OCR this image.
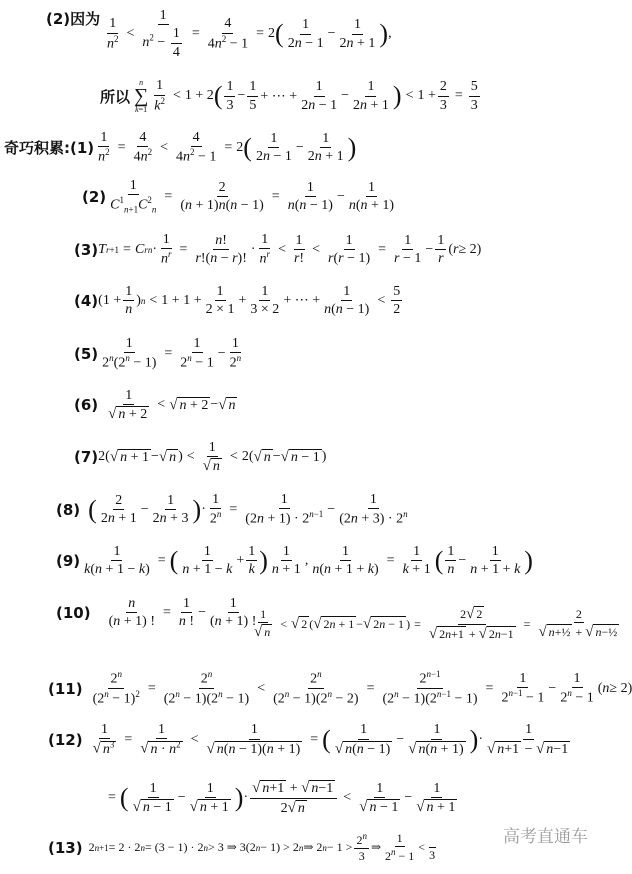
(2)因为 $\frac{1}{n^2} < \frac{1}{n^2 - \frac{1}{4}} = \frac{4}{4n^2 - 1} = 2$ ( $\frac{1}{2n - 1} - \frac{1}{2n + 1}$ ) ,
所以
n
∑
$k=1 \frac{1}{k^2} < 1 + 2$ ( $\frac{1}{3} - \frac{1}{5}$ + ⋯ + $\frac{1}{2n - 1} - \frac{1}{2n + 1}$ ) < $1 + \frac{2}{3} = \frac{5}{3}$
奇巧积累: $(1) \frac{1}{n^2} = \frac{4}{4n^2} < \frac{4}{4n^2 - 1} = 2$ ( $\frac{1}{2n - 1} - \frac{1}{2n + 1}$ )
$(2) \frac{1}{C^1_{n+1}C^2_n} = \frac{2}{(n + 1)n(n - 1)} = \frac{1}{n(n - 1)} - \frac{1}{n(n + 1)}$
(3) T r+1 = C r $n \cdot \frac{1}{n^r} = \frac{n!}{r!(n - r)!} \cdot \frac{1}{n^r} < \frac{1}{r!} < \frac{1}{r(r - 1)} = \frac{1}{r - 1} - \frac{1}{r}$ ( r ≥ 2)
(4) ($1 + \frac{1}{n}$ ) $n < 1 + 1 + \frac{1}{2 \times 1} + \frac{1}{3 \times 2}$ + ⋯ + $\frac{1}{n(n - 1)} < \frac{5}{2}$
$(5) \frac{1}{2^n(2^n - 1)} = \frac{1}{2^n - 1} - \frac{1}{2^n}$
$(6) \frac{1}{√ n + 2}$ < √ n + 2 − √ n
(7) 2( √ n + 1 − √ n ) < $\frac{1}{√ n} < 2$( √ n − √ n − 1 )
(8) ( $\frac{2}{2n + 1} - \frac{1}{2n + 3}$ ) · $\frac{1}{2^n} = \frac{1}{(2n + 1) \cdot 2^{n-1}} - \frac{1}{(2n + 3) \cdot 2^n}$
$(9) \frac{1}{k(n + 1 - k)}$ = ( $\frac{1}{n + 1 - k} + \frac{1}{k}$ ) $\frac{1}{n + 1}$ , $\frac{1}{n(n + 1 + k)} = \frac{1}{k + 1}$ ( $\frac{1}{n} - \frac{1}{n + 1 + k}$ )
$(10) \frac{n}{(n + 1) !} = \frac{1}{n !} - \frac{1}{(n + 1) !}$
$\frac{1}{√ n}$ < √ 2 ( √ 2n + 1 − √ 2n − 1 ) = $\frac{2√ 2}{√ 2n+1 + √ 2n-1} = \frac{2}{\text{√ n+½ + √ n−½}}$
$(11) \frac{2^n}{(2^n - 1)^2} = \frac{2^n}{(2^n - 1)(2^n - 1)} < \frac{2^n}{(2^n - 1)(2^n - 2)} = \frac{2^{n-1}}{(2^n - 1)(2^{n-1} - 1)} = \frac{1}{2^{n-1} - 1} - \frac{1}{2^n - 1}$ ( n ≥ 2)
$(12) \frac{1}{√ n^3} = \frac{1}{√ n \cdot n^2} < \frac{1}{√ n(n - 1)(n + 1)}$ = ( $\frac{1}{√ n(n - 1)} - \frac{1}{√ n(n + 1)}$ ) · $\frac{1}{√ n+1 - √ n-1}$
= ( $\frac{1}{√ n - 1} - \frac{1}{√ n + 1}$ ) · $\frac{√ n+1 + √ n-1}{2√ n} < \frac{1}{√ n - 1} - \frac{1}{√ n + 1}$
(13) 2 n+1 = 2 · 2 n = (3 − 1) · 2 n > 3 ⇒ 3(2 n − 1) > 2 n ⇒ 2 $n - 1 > \frac{2^n}{3}$ ⇒ $\frac{1}{2^n - 1}$ <

3
高考直通车
